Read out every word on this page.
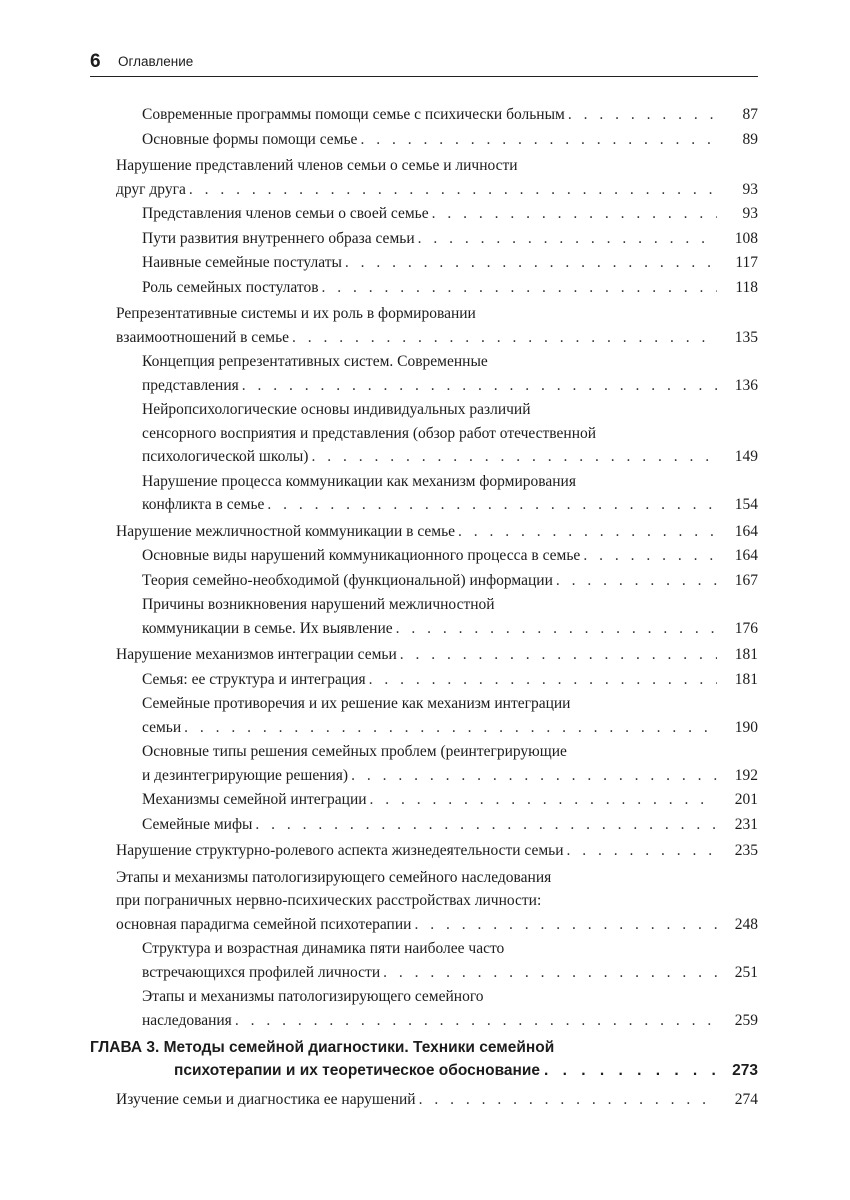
6 Оглавление
Современные программы помощи семье с психически больным . . .	87
Основные формы помощи семье . . .	89
Нарушение представлений членов семьи о семье и личности
друг друга . . .	93
Представления членов семьи о своей семье . . .	93
Пути развития внутреннего образа семьи . . .	108
Наивные семейные постулаты . . .	117
Роль семейных постулатов . . .	118
Репрезентативные системы и их роль в формировании
взаимоотношений в семье . . .	135
Концепция репрезентативных систем. Современные
представления . . .	136
Нейропсихологические основы индивидуальных различий
сенсорного восприятия и представления (обзор работ отечественной
психологической школы) . . .	149
Нарушение процесса коммуникации как механизм формирования
конфликта в семье . . .	154
Нарушение межличностной коммуникации в семье . . .	164
Основные виды нарушений коммуникационного процесса в семье . . .	164
Теория семейно-необходимой (функциональной) информации . . .	167
Причины возникновения нарушений межличностной
коммуникации в семье. Их выявление . . .	176
Нарушение механизмов интеграции семьи . . .	181
Семья: ее структура и интеграция . . .	181
Семейные противоречия и их решение как механизм интеграции
семьи . . .	190
Основные типы решения семейных проблем (реинтегрирующие
и дезинтегрирующие решения) . . .	192
Механизмы семейной интеграции . . .	201
Семейные мифы . . .	231
Нарушение структурно-ролевого аспекта жизнедеятельности семьи . . .	235
Этапы и механизмы патологизирующего семейного наследования
при пограничных нервно-психических расстройствах личности:
основная парадигма семейной психотерапии . . .	248
Структура и возрастная динамика пяти наиболее часто
встречающихся профилей личности . . .	251
Этапы и механизмы патологизирующего семейного
наследования . . .	259
ГЛАВА 3. Методы семейной диагностики. Техники семейной
психотерапии и их теоретическое обоснование . . .	273
Изучение семьи и диагностика ее нарушений . . .	274
